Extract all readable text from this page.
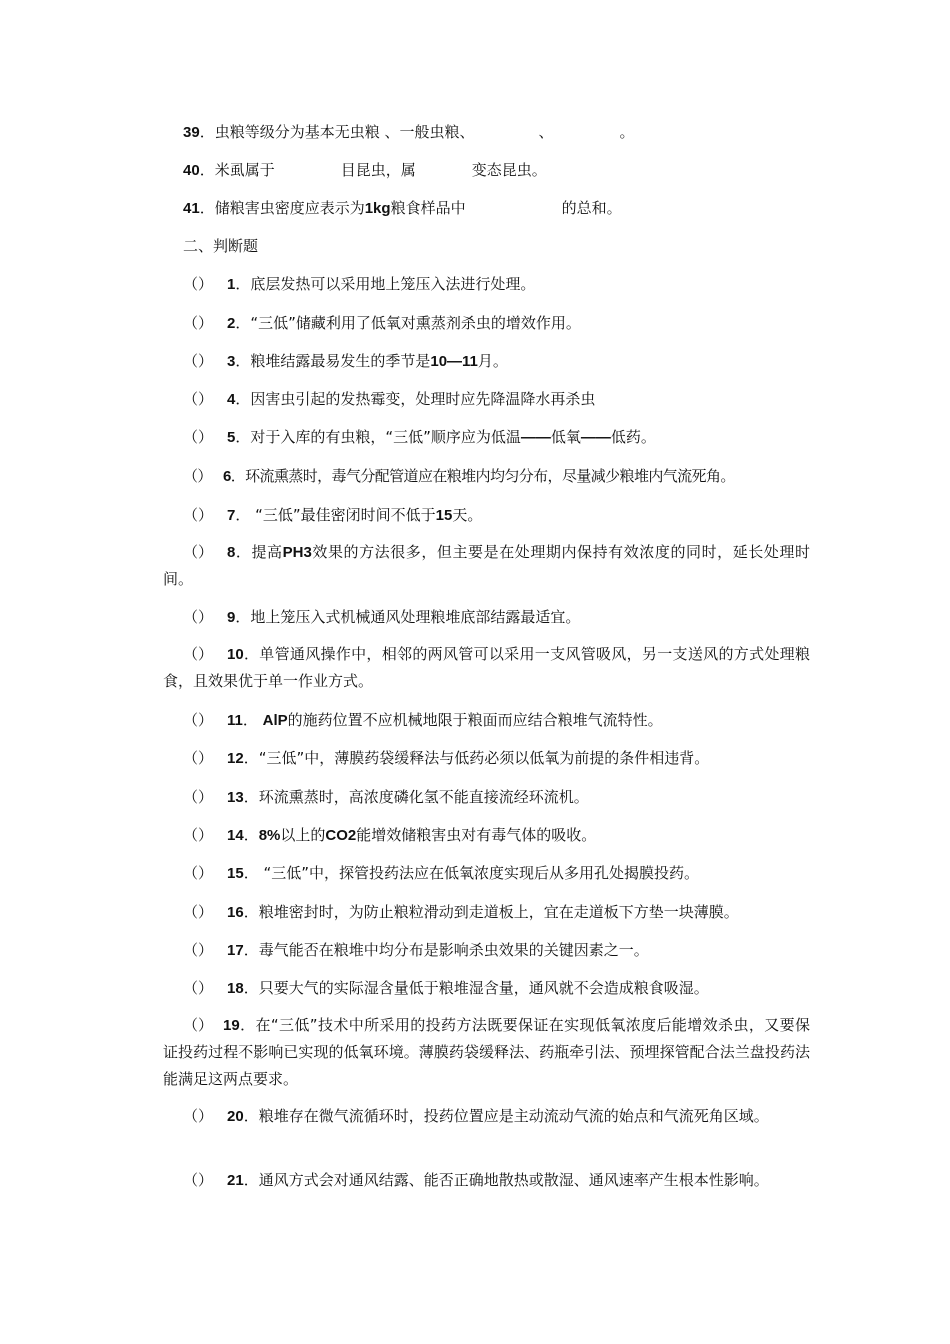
39．虫粮等级分为基本无虫粮 、一般虫粮、	、	。
40．米虱属于	目昆虫，属	变态昆虫。
41．储粮害虫密度应表示为1kg粮食样品中	的总和。
二、判断题
（） 1．底层发热可以采用地上笼压入法进行处理。
（） 2．“三低”储藏利用了低氧对熏蒸剂杀虫的增效作用。
（） 3．粮堆结露最易发生的季节是10—11月。
（） 4．因害虫引起的发热霉变，处理时应先降温降水再杀虫
（） 5．对于入库的有虫粮，“三低”顺序应为低温——低氧——低药。
（） 6．环流熏蒸时，毒气分配管道应在粮堆内均匀分布，尽量减少粮堆内气流死角。
（） 7． “三低”最佳密闭时间不低于15天。
（） 8．提高PH3效果的方法很多，但主要是在处理期内保持有效浓度的同时，延长处理时间。
（） 9．地上笼压入式机械通风处理粮堆底部结露最适宜。
（） 10．单管通风操作中，相邻的两风管可以采用一支风管吸风，另一支送风的方式处理粮食，且效果优于单一作业方式。
（） 11． AlP的施药位置不应机械地限于粮面而应结合粮堆气流特性。
（） 12．“三低”中，薄膜药袋缓释法与低药必须以低氧为前提的条件相违背。
（） 13．环流熏蒸时，高浓度磷化氢不能直接流经环流机。
（） 14．8%以上的CO2能增效储粮害虫对有毒气体的吸收。
（） 15． “三低”中，探管投药法应在低氧浓度实现后从多用孔处揭膜投药。
（） 16．粮堆密封时，为防止粮粒滑动到走道板上，宜在走道板下方垫一块薄膜。
（） 17．毒气能否在粮堆中均分布是影响杀虫效果的关键因素之一。
（） 18．只要大气的实际湿含量低于粮堆湿含量，通风就不会造成粮食吸湿。
（） 19．在“三低”技术中所采用的投药方法既要保证在实现低氧浓度后能增效杀虫，又要保证投药过程不影响已实现的低氧环境。薄膜药袋缓释法、药瓶牵引法、预埋探管配合法兰盘投药法能满足这两点要求。
（） 20．粮堆存在微气流循环时，投药位置应是主动流动气流的始点和气流死角区域。
（） 21．通风方式会对通风结露、能否正确地散热或散湿、通风速率产生根本性影响。
